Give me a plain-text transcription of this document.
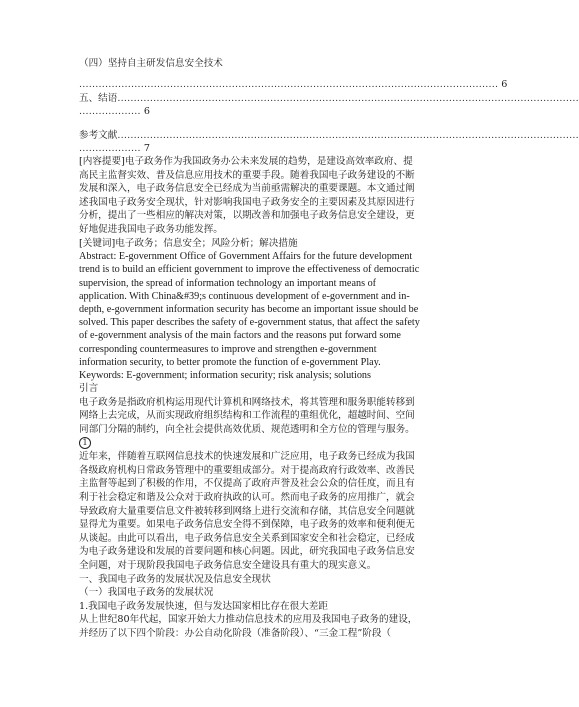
（四）坚持自主研发信息安全技术
................................................................................................................................. 6
五、结语..............................................................................................................................................
................... 6
参考文献..............................................................................................................................................
................... 7

[内容提要]电子政务作为我国政务办公未来发展的趋势，是建设高效率政府、提高民主监督实效、普及信息应用技术的重要手段。随着我国电子政务建设的不断发展和深入，电子政务信息安全已经成为当前亟需解决的重要课题。本文通过阐述我国电子政务安全现状，针对影响我国电子政务安全的主要因素及其原因进行分析，提出了一些相应的解决对策，以期改善和加强电子政务信息安全建设，更好地促进我国电子政务功能发挥。

[关键词]电子政务；信息安全；风险分析；解决措施

Abstract: E-government Office of Government Affairs for the future development trend is to build an efficient government to improve the effectiveness of democratic supervision, the spread of information technology an important means of application. With China&#39;s continuous development of e-government and in-depth, e-government information security has become an important issue should be solved. This paper describes the safety of e-government status, that affect the safety of e-government analysis of the main factors and the reasons put forward some corresponding countermeasures to improve and strengthen e-government information security, to better promote the function of e-government Play.

Keywords: E-government; information security; risk analysis; solutions

引言

电子政务是指政府机构运用现代计算机和网络技术，将其管理和服务职能转移到网络上去完成，从而实现政府组织结构和工作流程的重组优化，超越时间、空间同部门分隔的制约，向全社会提供高效优质、规范透明和全方位的管理与服务。1

近年来，伴随着互联网信息技术的快速发展和广泛应用，电子政务已经成为我国各级政府机构日常政务管理中的重要组成部分。对于提高政府行政效率、改善民主监督等起到了积极的作用，不仅提高了政府声誉及社会公众的信任度，而且有利于社会稳定和谐及公众对于政府执政的认可。然而电子政务的应用推广，就会导致政府大量重要信息文件被转移到网络上进行交流和存储，其信息安全问题就显得尤为重要。如果电子政务信息安全得不到保障，电子政务的效率和便利便无从谈起。由此可以看出，电子政务信息安全关系到国家安全和社会稳定，已经成为电子政务建设和发展的首要问题和核心问题。因此，研究我国电子政务信息安全问题，对于现阶段我国电子政务信息安全建设具有重大的现实意义。

一、我国电子政务的发展状况及信息安全现状

（一）我国电子政务的发展状况

1.我国电子政务发展快速，但与发达国家相比存在很大差距

从上世纪80年代起，国家开始大力推动信息技术的应用及我国电子政务的建设，并经历了以下四个阶段：办公自动化阶段（准备阶段）、“三金工程”阶段（
